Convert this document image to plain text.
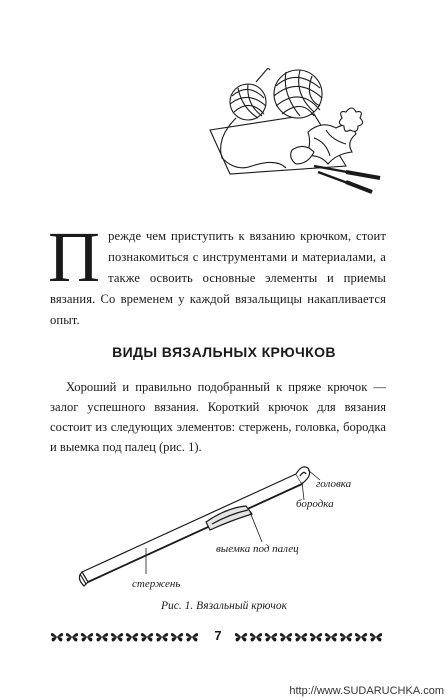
Прежде чем приступить к вязанию крючком, стоит познакомиться с инструментами и материалами, а также освоить основные элементы и приемы вязания. Со временем у каждой вязальщицы накапливается опыт.
ВИДЫ ВЯЗАЛЬНЫХ КРЮЧКОВ
Хороший и правильно подобранный к пряже крючок — залог успешного вязания. Короткий крючок для вязания состоит из следующих элементов: стержень, головка, бородка и выемка под палец (рис. 1).
головка
бородка
выемка под палец
стержень
Рис. 1. Вязальный крючок
7
http://www.SUDARUCHKA.com
